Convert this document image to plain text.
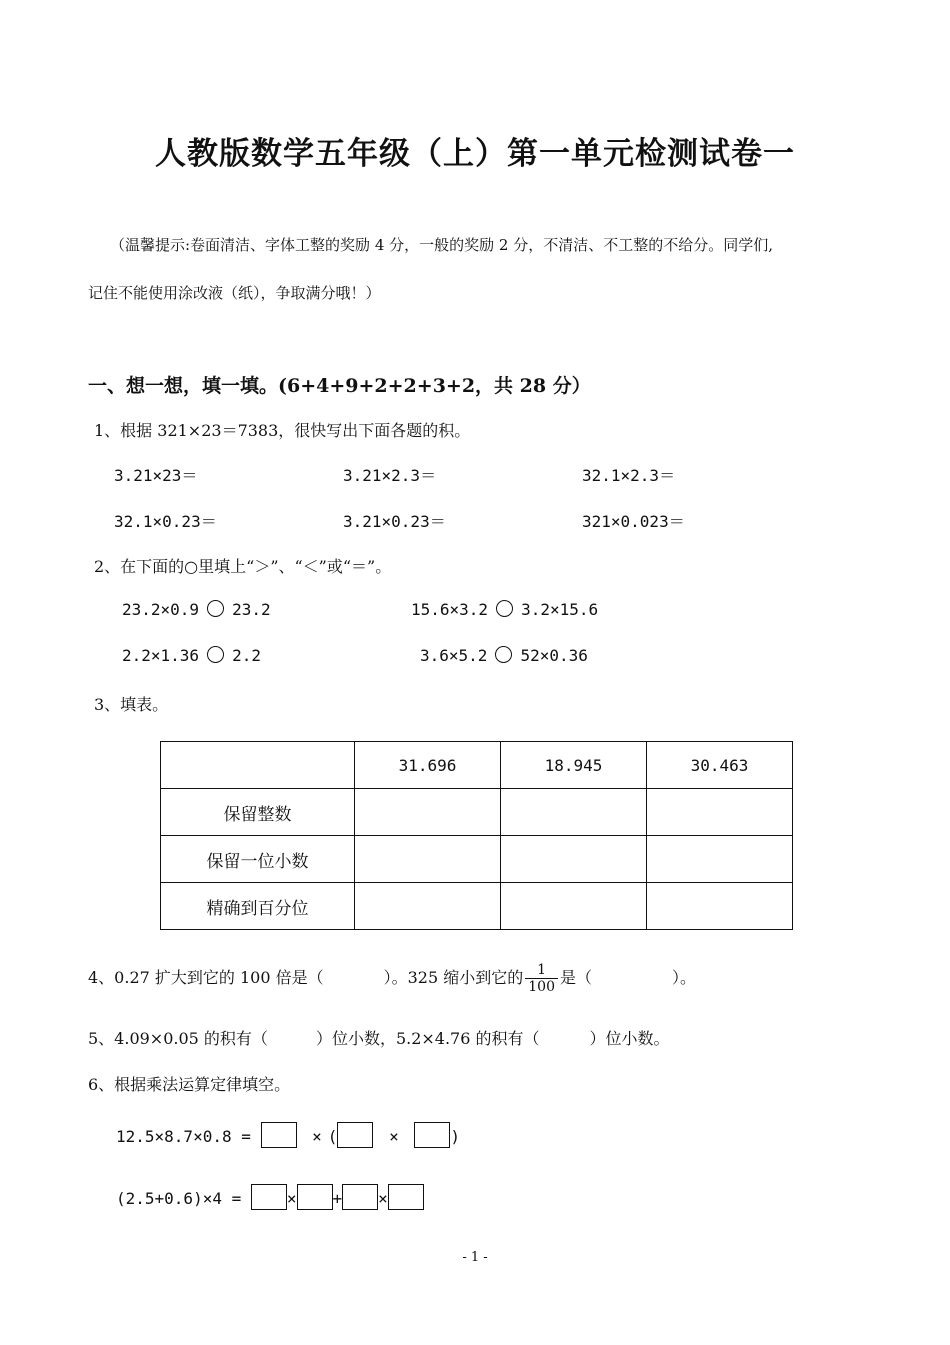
人教版数学五年级（上）第一单元检测试卷一
（温馨提示:卷面清洁、字体工整的奖励 4 分，一般的奖励 2 分，不清洁、不工整的不给分。同学们,
记住不能使用涂改液（纸），争取满分哦！）
一、想一想，填一填。(6+4+9+2+2+3+2，共 28 分）
1、根据 321×23＝7383，很快写出下面各题的积。
3.21×23＝	3.21×2.3＝	32.1×2.3＝
32.1×0.23＝	3.21×0.23＝	321×0.023＝
2、在下面的○里填上“＞”、“＜”或“＝”。
23.2×0.9 23.2	15.6×3.2 3.2×15.6
2.2×1.36 2.2	3.6×5.2 52×0.36
3、填表。
	31.696	18.945	30.463
保留整数			
保留一位小数			
精确到百分位			
4、0.27 扩大到它的 100 倍是（	）。325 缩小到它的 $\frac{1}{100}$ 是（	）。
5、4.09×0.05 的积有（	）位小数，5.2×4.76 的积有（	）位小数。
6、根据乘法运算定律填空。
12.5×8.7×0.8 =	× (	×	)
(2.5+0.6)×4 =	× + ×
- 1 -
